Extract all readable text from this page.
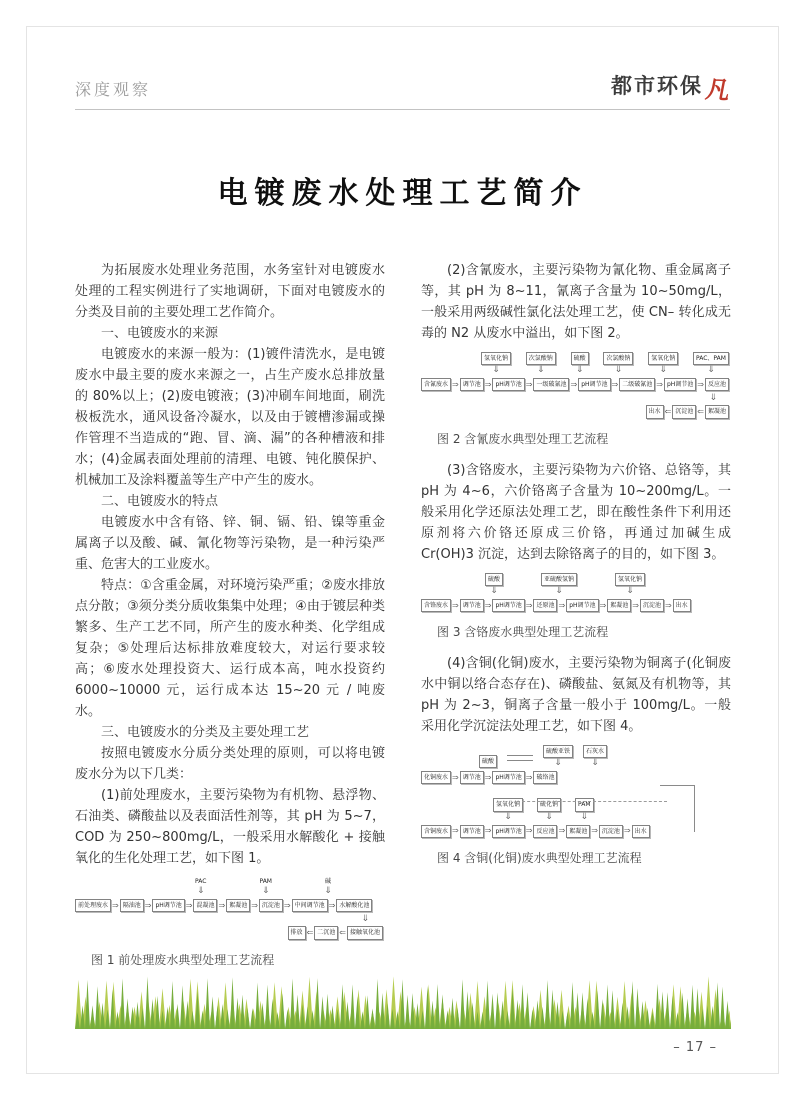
深度观察	都市环保 凡
电镀废水处理工艺简介

为拓展废水处理业务范围，水务室针对电镀废水处理的工程实例进行了实地调研，下面对电镀废水的分类及目前的主要处理工艺作简介。

一、电镀废水的来源

电镀废水的来源一般为：(1)镀件清洗水，是电镀废水中最主要的废水来源之一，占生产废水总排放量的 80%以上；(2)废电镀液；(3)冲刷车间地面，刷洗极板洗水，通风设备冷凝水，以及由于镀槽渗漏或操作管理不当造成的“跑、冒、滴、漏”的各种槽液和排水；(4)金属表面处理前的清理、电镀、钝化膜保护、机械加工及涂料覆盖等生产中产生的废水。

二、电镀废水的特点

电镀废水中含有铬、锌、铜、镉、铅、镍等重金属离子以及酸、碱、氰化物等污染物，是一种污染严重、危害大的工业废水。

特点：①含重金属，对环境污染严重；②废水排放点分散；③须分类分质收集集中处理；④由于镀层种类繁多、生产工艺不同，所产生的废水种类、化学组成复杂；⑤处理后达标排放难度较大，对运行要求较高；⑥废水处理投资大、运行成本高，吨水投资约 6000~10000 元，运行成本达 15~20 元 / 吨废水。

三、电镀废水的分类及主要处理工艺

按照电镀废水分质分类处理的原则，可以将电镀废水分为以下几类：

(1)前处理废水，主要污染物为有机物、悬浮物、石油类、磷酸盐以及表面活性剂等，其 pH 为 5~7，COD 为 250~800mg/L，一般采用水解酸化 + 接触氧化的生化处理工艺，如下图 1。

PAC
⇓
PAM
⇓
碱
⇓
前处理废水 ⇒ 隔油池 ⇒ pH调节池 ⇒ 混凝池 ⇒ 絮凝池 ⇒ 沉淀池 ⇒ 中间调节池 ⇒ 水解酸化池
⇓
排放 ⇐ 二沉池 ⇐ 接触氧化池
图 1 前处理废水典型处理工艺流程

(2)含氰废水，主要污染物为氰化物、重金属离子等，其 pH 为 8~11，氰离子含量为 10~50mg/L，一般采用两级碱性氯化法处理工艺，使 CN– 转化成无毒的 N2 从废水中溢出，如下图 2。

氢氧化钠
⇓
次氯酸钠
⇓
硫酸
⇓
次氯酸钠
⇓
氢氧化钠
⇓
PAC、PAM
⇓
含氰废水 ⇒ 调节池 ⇒ pH调节池 ⇒ 一级破氰池 ⇒ pH调节池 ⇒ 二级破氰池 ⇒ pH调节池 ⇒ 反应池
⇓
出水 ⇐ 沉淀池 ⇐ 絮凝池
图 2 含氰废水典型处理工艺流程

(3)含铬废水，主要污染物为六价铬、总铬等，其 pH 为 4~6，六价铬离子含量为 10~200mg/L。一般采用化学还原法处理工艺，即在酸性条件下利用还原剂将六价铬还原成三价铬，再通过加碱生成 Cr(OH)3 沉淀，达到去除铬离子的目的，如下图 3。

硫酸
⇓
亚硫酸氢钠
⇓
氢氧化钠
⇓
含铬废水 ⇒ 调节池 ⇒ pH调节池 ⇒ 还原池 ⇒ pH调节池 ⇒ 絮凝池 ⇒ 沉淀池 ⇒ 出水
图 3 含铬废水典型处理工艺流程

(4)含铜(化铜)废水，主要污染物为铜离子(化铜废水中铜以络合态存在)、磷酸盐、氨氮及有机物等，其 pH 为 2~3，铜离子含量一般小于 100mg/L。一般采用化学沉淀法处理工艺，如下图 4。

硫酸
硫酸亚铁
⇓
石灰水
⇓
化铜废水 ⇒ 调节池 ⇒ pH调节池 ⇒ 破络池
氢氧化钠
⇓
硫化钠
⇓
PAM
⇓
含铜废水 ⇒ 调节池 ⇒ pH调节池 ⇒ 反应池 ⇒ 絮凝池 ⇒ 沉淀池 ⇒ 出水
图 4 含铜(化铜)废水典型处理工艺流程
– 17 –
